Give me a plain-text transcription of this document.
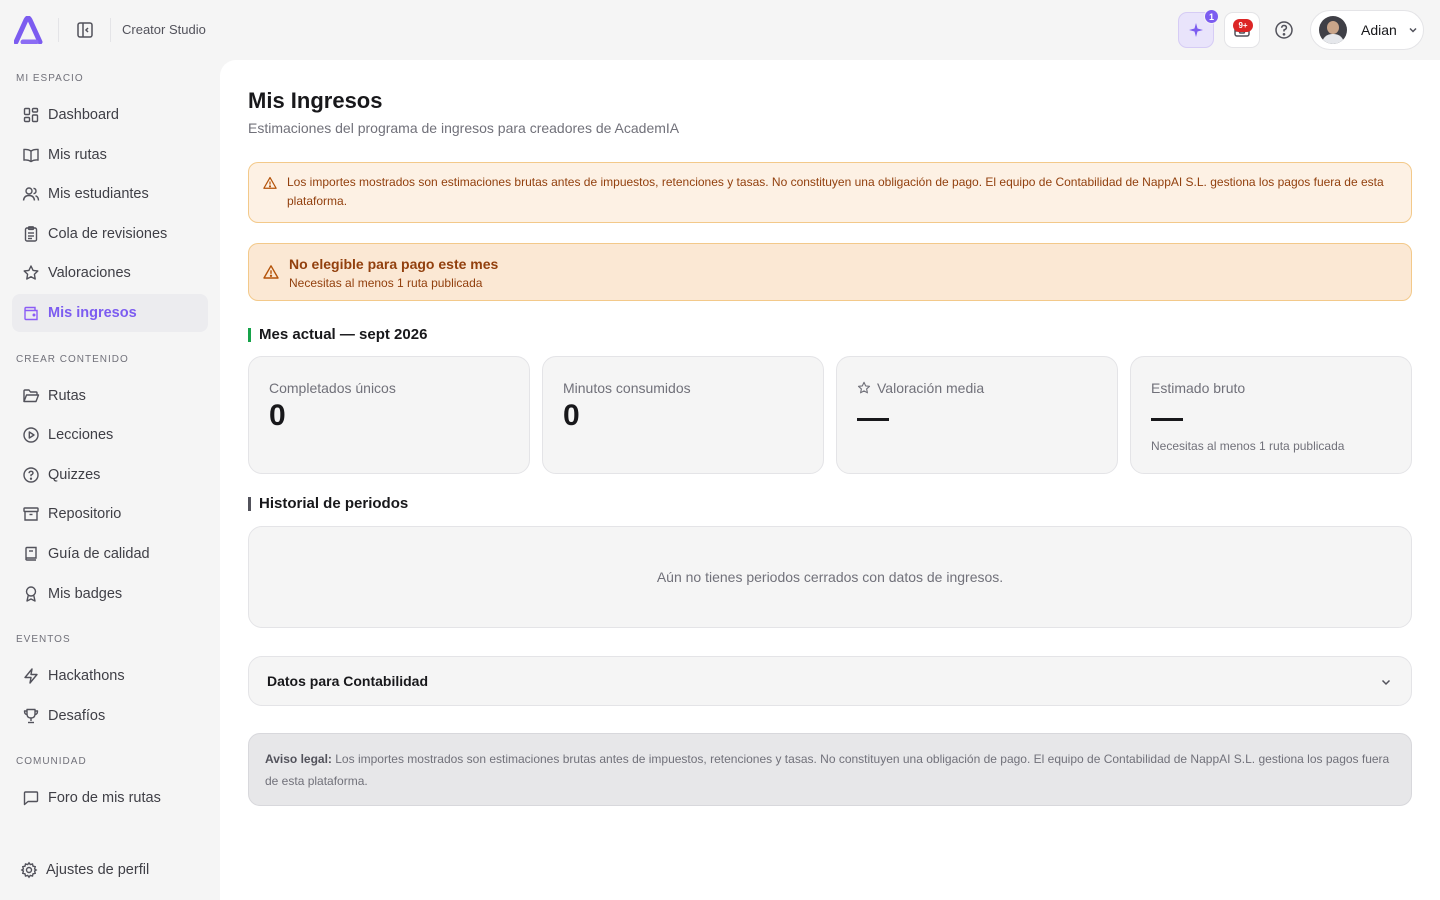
Creator Studio
1
9+	Adian
MI ESPACIO
Dashboard
Mis rutas
Mis estudiantes
Cola de revisiones
Valoraciones
Mis ingresos
CREAR CONTENIDO
Rutas
Lecciones
Quizzes
Repositorio
Guía de calidad
Mis badges
EVENTOS
Hackathons
Desafíos
COMUNIDAD
Foro de mis rutas
Ajustes de perfil
Mis Ingresos
Estimaciones del programa de ingresos para creadores de AcademIA

Los importes mostrados son estimaciones brutas antes de impuestos, retenciones y tasas. No constituyen una obligación de pago. El equipo de Contabilidad de NappAI S.L. gestiona los pagos fuera de esta plataforma.

No elegible para pago este mes
Necesitas al menos 1 ruta publicada
Mes actual — sept 2026
Completados únicos
0
Minutos consumidos
0
Valoración media	Estimado bruto
Necesitas al menos 1 ruta publicada
Historial de periodos
Aún no tienes periodos cerrados con datos de ingresos.
Datos para Contabilidad

Aviso legal: Los importes mostrados son estimaciones brutas antes de impuestos, retenciones y tasas. No constituyen una obligación de pago. El equipo de Contabilidad de NappAI S.L. gestiona los pagos fuera de esta plataforma.
